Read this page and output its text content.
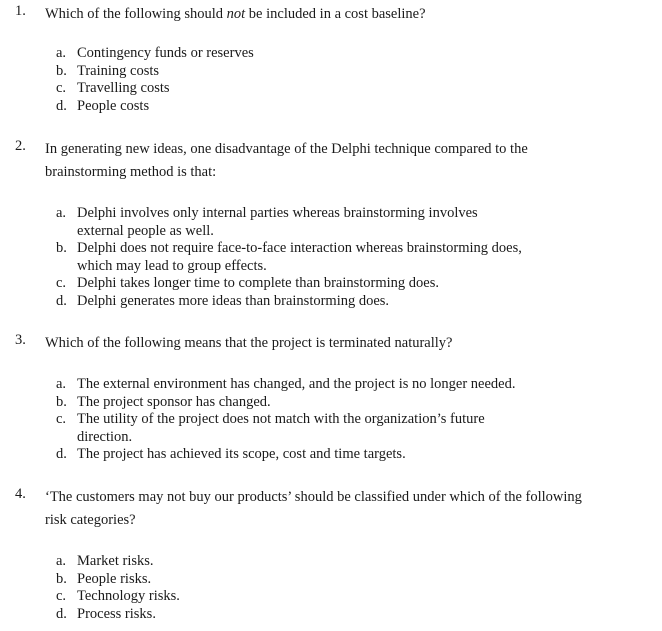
1. Which of the following should not be included in a cost baseline?
a. Contingency funds or reserves
b. Training costs
c. Travelling costs
d. People costs
2. In generating new ideas, one disadvantage of the Delphi technique compared to the
brainstorming method is that:
a. Delphi involves only internal parties whereas brainstorming involves
external people as well.
b. Delphi does not require face-to-face interaction whereas brainstorming does,
which may lead to group effects.
c. Delphi takes longer time to complete than brainstorming does.
d. Delphi generates more ideas than brainstorming does.
3. Which of the following means that the project is terminated naturally?
a. The external environment has changed, and the project is no longer needed.
b. The project sponsor has changed.
c. The utility of the project does not match with the organization’s future
direction.
d. The project has achieved its scope, cost and time targets.
4. ‘The customers may not buy our products’ should be classified under which of the following
risk categories?
a. Market risks.
b. People risks.
c. Technology risks.
d. Process risks.
